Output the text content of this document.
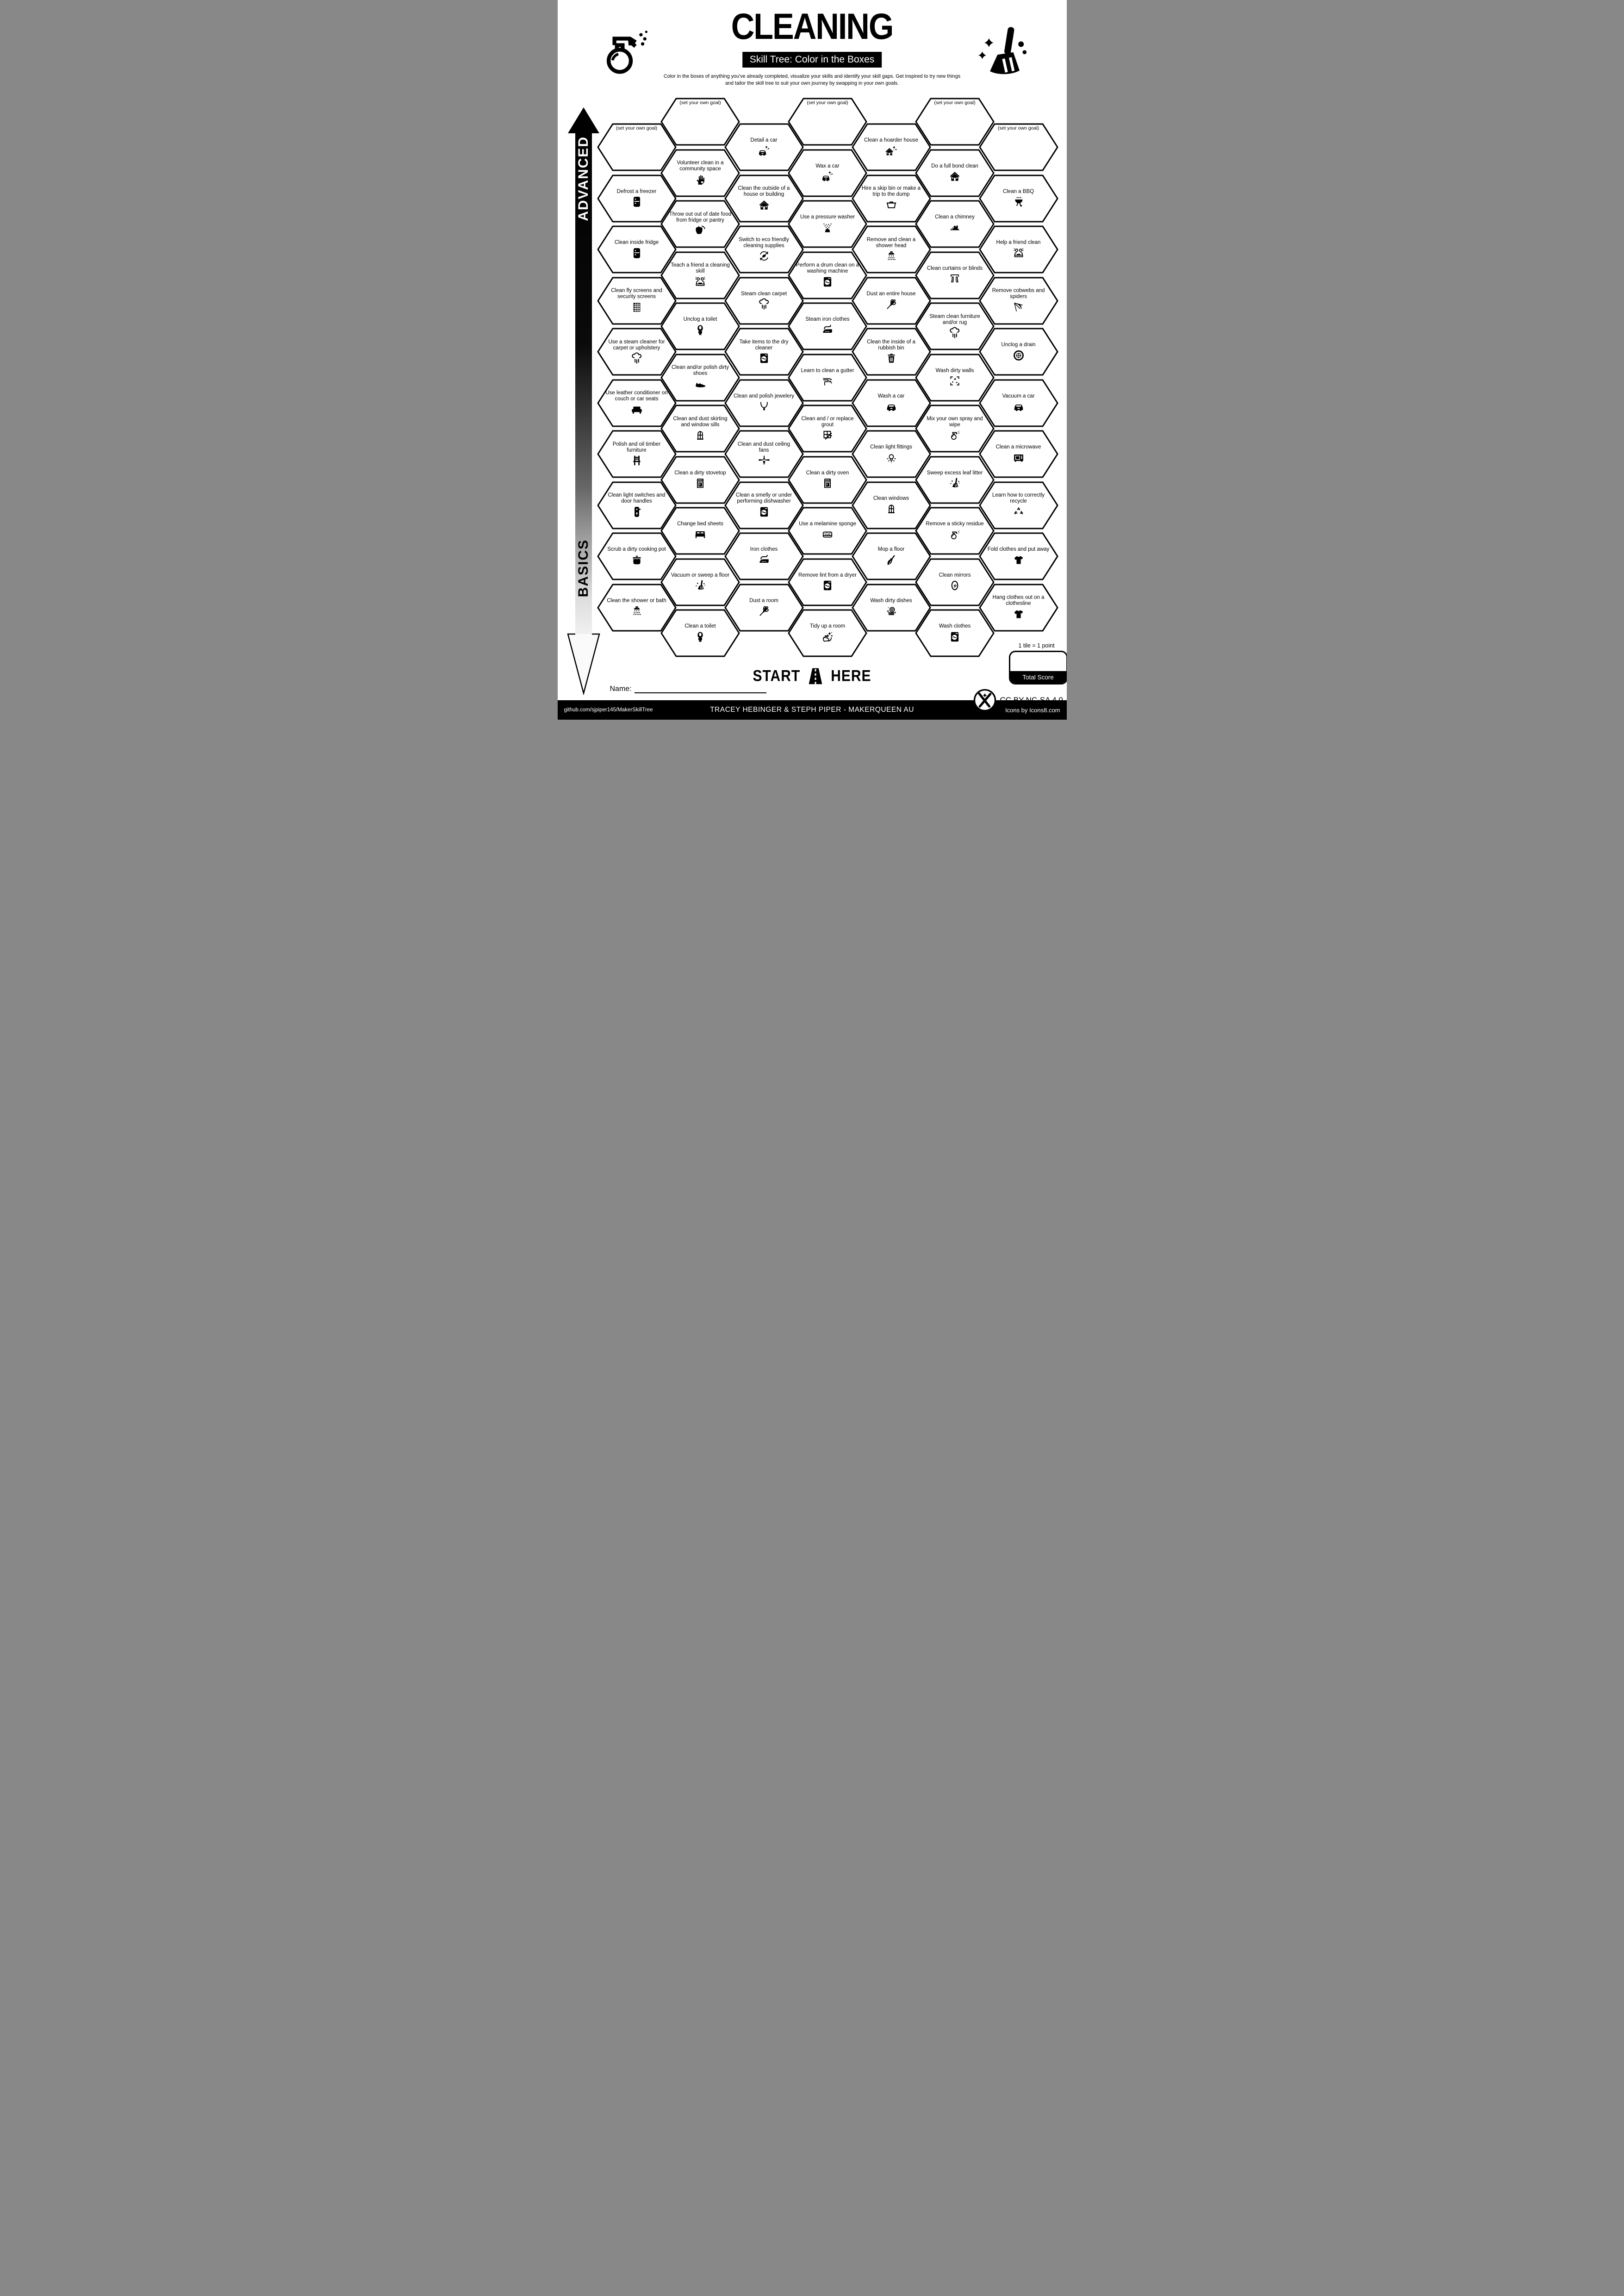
CLEANING
Skill Tree: Color in the Boxes
Color in the boxes of anything you've already completed, visualize your skills and identify your skill gaps. Get inspired to try new things and tailor the skill tree to suit your own journey by swapping in your own goals.
ADVANCED
BASICS
(set your own goal)
Defrost a freezer
Clean inside fridge
Clean fly screens and security screens
Use a steam cleaner for carpet or upholstery
Use leather conditioner on couch or car seats
Polish and oil timber furniture
Clean light switches and door handles
Scrub a dirty cooking pot
Clean the shower or bath
(set your own goal)
Volunteer clean in a community space
Throw out out of date food from fridge or pantry
Teach a friend a cleaning skill
Unclog a toilet
Clean and/or polish dirty shoes
Clean and dust skirting and window sills
Clean a dirty stovetop
Change bed sheets
Vacuum or sweep a floor
Clean a toilet
Detail a car
Clean the outside of a house or building
Switch to eco friendly cleaning supplies
Steam clean carpet
Take items to the dry cleaner
Clean and polish jewelery
Clean and dust ceiling fans
Clean a smelly or under performing dishwasher
Iron clothes
Dust a room
(set your own goal)
Wax a car
Use a pressure washer
Perform a drum clean on a washing machine
Steam iron clothes
Learn to clean a gutter
Clean and / or replace grout
Clean a dirty oven
Use a melamine sponge
Remove lint from a dryer
Tidy up a room
Clean a hoarder house
Hire a skip bin or make a trip to the dump
Remove and clean a shower head
Dust an entire house
Clean the inside of a rubbish bin
Wash a car
Clean light fittings
Clean windows
Mop a floor
Wash dirty dishes
(set your own goal)
Do a full bond clean
Clean a chimney
Clean curtains or blinds
Steam clean furniture and/or rug
Wash dirty walls
Mix your own spray and wipe
Sweep excess leaf litter
Remove a sticky residue
Clean mirrors
Wash clothes
(set your own goal)
Clean a BBQ
Help a friend clean
Remove cobwebs and spiders
Unclog a drain
Vacuum a car
Clean a microwave
Learn how to correctly recycle
Fold clothes and put away
Hang clothes out on a clothesline
START HERE
Name:
1 tile = 1 point
Total Score
CC BY-NC-SA 4.0
github.com/sjpiper145/MakerSkillTree	TRACEY HEBINGER & STEPH PIPER - MAKERQUEEN AU	Icons by Icons8.com
